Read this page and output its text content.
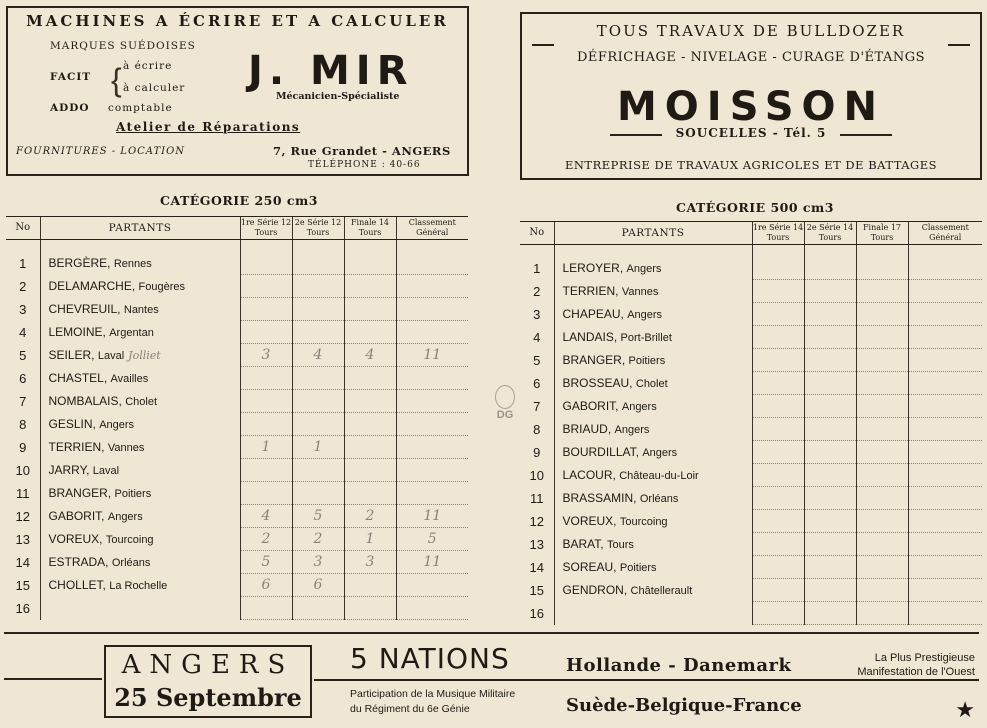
MACHINES A ÉCRIRE ET A CALCULER
MARQUES SUÉDOISES
FACIT { à écrire
à calculer
ADDO comptable
J. MIR
Mécanicien-Spécialiste
Atelier de Réparations
FOURNITURES - LOCATION	7, Rue Grandet - ANGERS
TÉLÉPHONE : 40-66
TOUS TRAVAUX DE BULLDOZER
DÉFRICHAGE - NIVELAGE - CURAGE D'ÉTANGS
MOISSON
SOUCELLES - Tél. 5
ENTREPRISE DE TRAVAUX AGRICOLES ET DE BATTAGES
CATÉGORIE 250 cm3
No	PARTANTS	1re Série 12 Tours	2e Série 12 Tours	Finale 14 Tours	Classement Général
1	BERGÈRE, Rennes				
2	DELAMARCHE, Fougères				
3	CHEVREUIL, Nantes				
4	LEMOINE, Argentan				
5	SEILER, Laval Jolliet	3	4	4	11
6	CHASTEL, Availles				
7	NOMBALAIS, Cholet				
8	GESLIN, Angers				
9	TERRIEN, Vannes	1	1		
10	JARRY, Laval				
11	BRANGER, Poitiers				
12	GABORIT, Angers	4	5	2	11
13	VOREUX, Tourcoing	2	2	1	5
14	ESTRADA, Orléans	5	3	3	11
15	CHOLLET, La Rochelle	6	6		
16					
CATÉGORIE 500 cm3
No	PARTANTS	1re Série 14 Tours	2e Série 14 Tours	Finale 17 Tours	Classement Général
1	LEROYER, Angers				
2	TERRIEN, Vannes				
3	CHAPEAU, Angers				
4	LANDAIS, Port-Brillet				
5	BRANGER, Poitiers				
6	BROSSEAU, Cholet				
7	GABORIT, Angers				
8	BRIAUD, Angers				
9	BOURDILLAT, Angers				
10	LACOUR, Château-du-Loir				
11	BRASSAMIN, Orléans				
12	VOREUX, Tourcoing				
13	BARAT, Tours				
14	SOREAU, Poitiers				
15	GENDRON, Châtellerault				
16					
DG
ANGERS
25 Septembre
5 NATIONS	Hollande - Danemark
Participation de la Musique Militaire
du Régiment du 6e Génie	Suède-Belgique-France
La Plus Prestigieuse
Manifestation de l'Ouest
★
